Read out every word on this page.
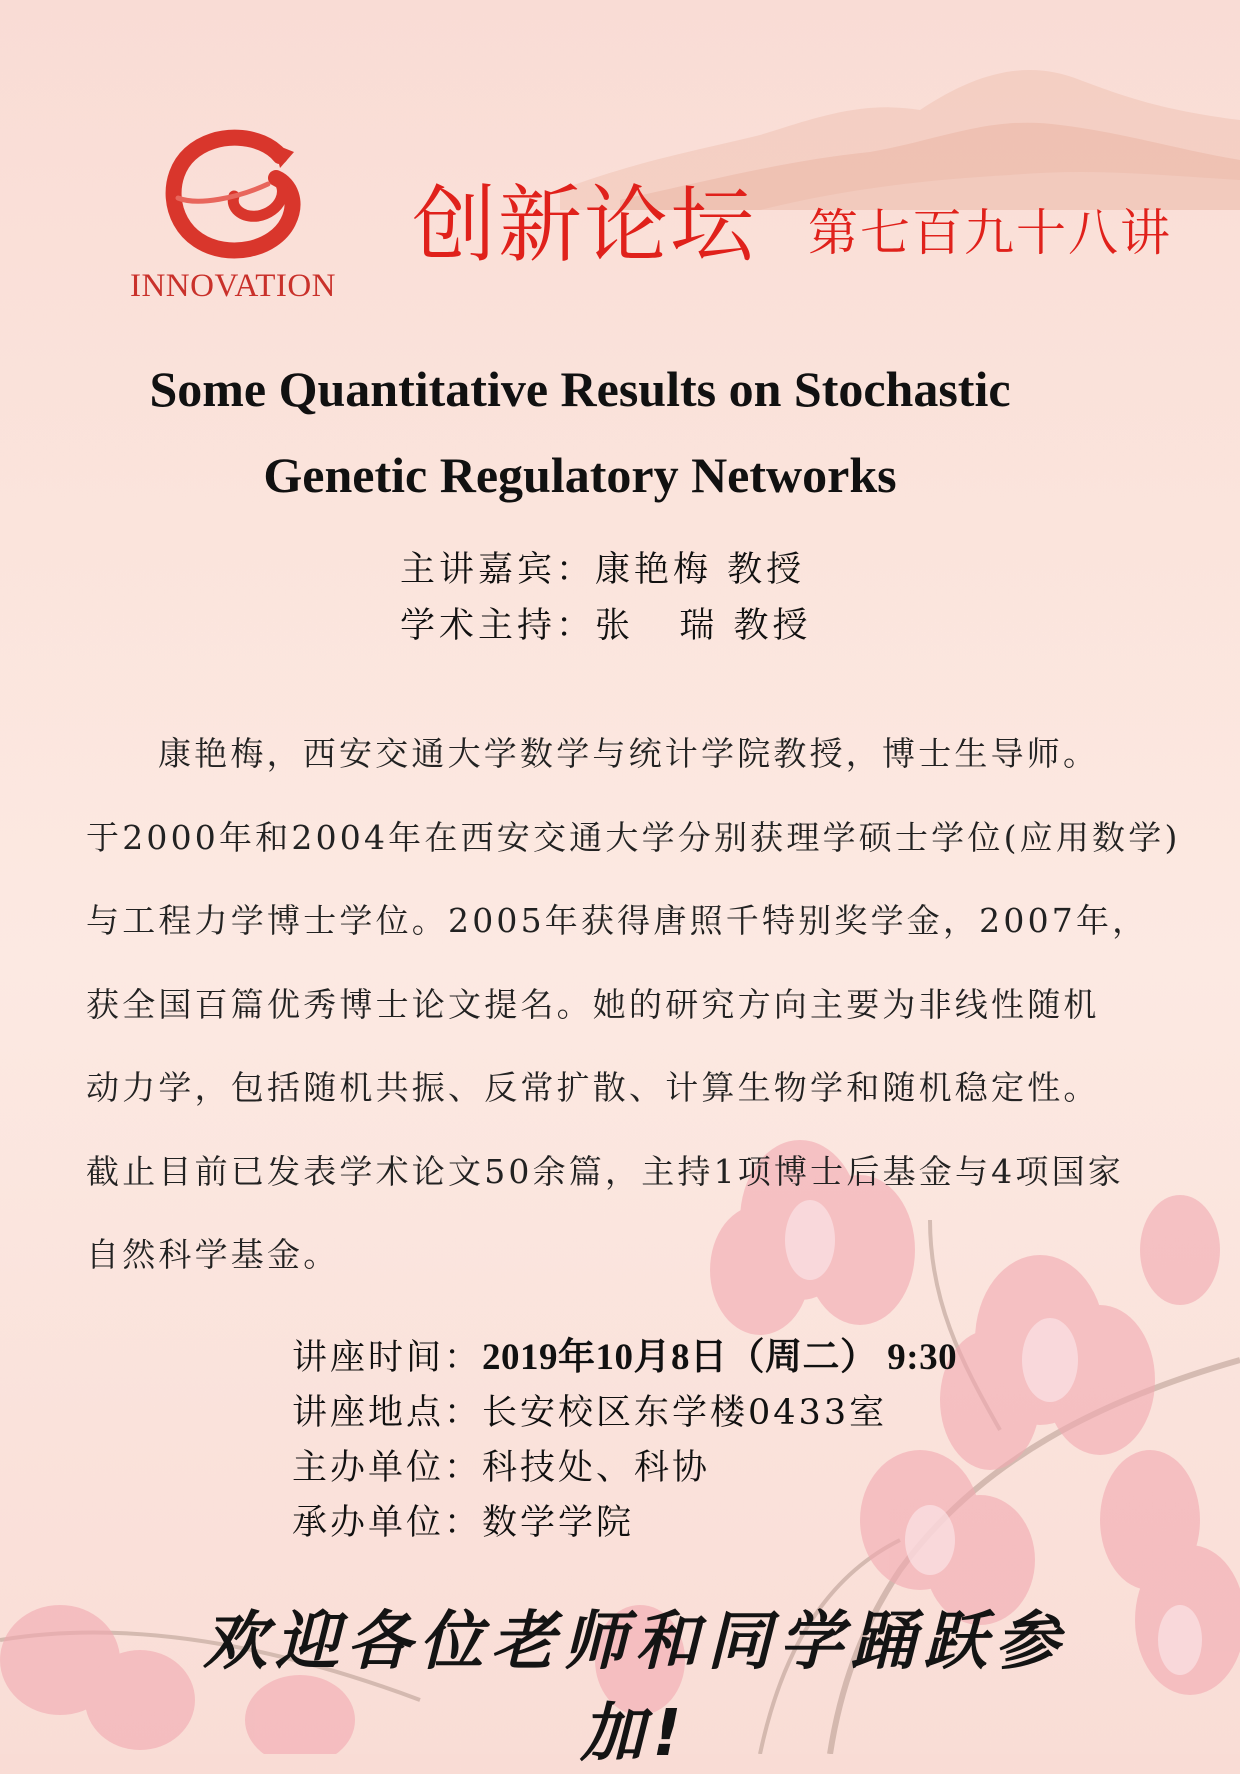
INNOVATION
创新论坛 第七百九十八讲
Some Quantitative Results on Stochastic
Genetic Regulatory Networks
主讲嘉宾：康艳梅 教授
学术主持：张   瑞 教授
康艳梅，西安交通大学数学与统计学院教授，博士生导师。
于2000年和2004年在西安交通大学分别获理学硕士学位(应用数学)
与工程力学博士学位。2005年获得唐照千特别奖学金，2007年，
获全国百篇优秀博士论文提名。她的研究方向主要为非线性随机
动力学，包括随机共振、反常扩散、计算生物学和随机稳定性。
截止目前已发表学术论文50余篇，主持1项博士后基金与4项国家
自然科学基金。
讲座时间：2019年10月8日（周二） 9:30
讲座地点：长安校区东学楼0433室
主办单位：科技处、科协
承办单位：数学学院
欢迎各位老师和同学踊跃参加!
